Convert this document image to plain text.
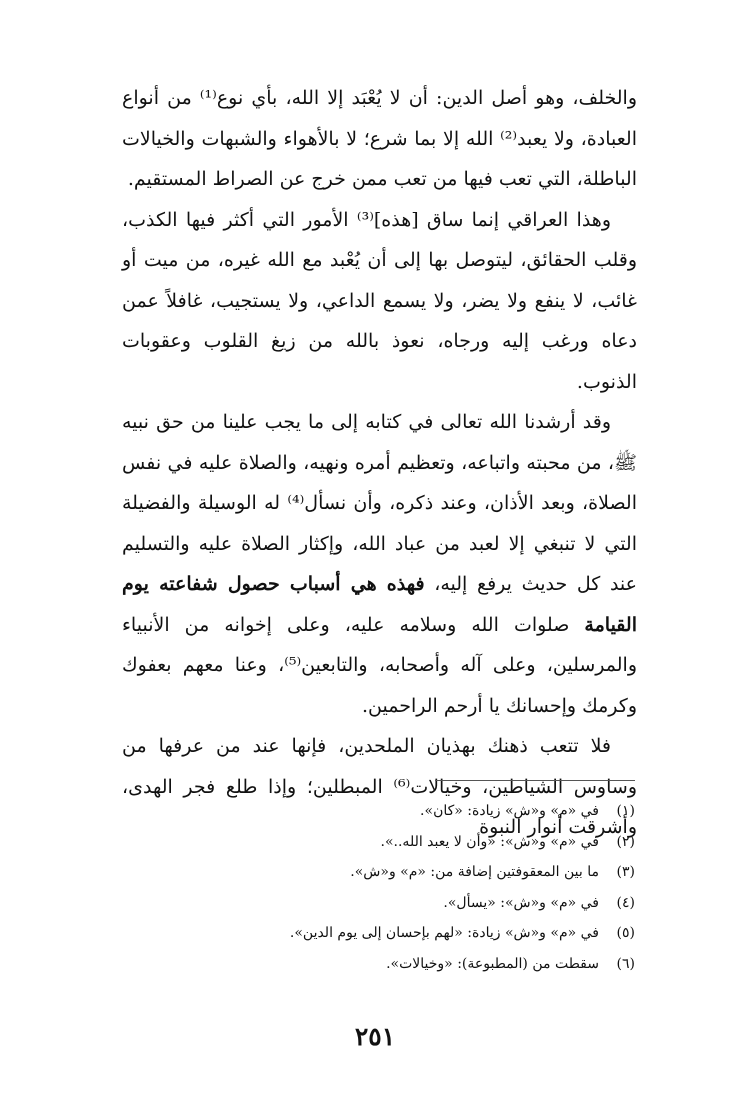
والخلف، وهو أصل الدين: أن لا يُعْبَد إلا الله، بأي نوع⁽¹⁾ من أنواع العبادة، ولا يعبد⁽²⁾ الله إلا بما شرع؛ لا بالأهواء والشبهات والخيالات الباطلة، التي تعب فيها من تعب ممن خرج عن الصراط المستقيم.

وهذا العراقي إنما ساق [هذه]⁽³⁾ الأمور التي أكثر فيها الكذب، وقلب الحقائق، ليتوصل بها إلى أن يُعْبد مع الله غيره، من ميت أو غائب، لا ينفع ولا يضر، ولا يسمع الداعي، ولا يستجيب، غافلاً عمن دعاه ورغب إليه ورجاه، نعوذ بالله من زيغ القلوب وعقوبات الذنوب.

وقد أرشدنا الله تعالى في كتابه إلى ما يجب علينا من حق نبيه ﷺ، من محبته واتباعه، وتعظيم أمره ونهيه، والصلاة عليه في نفس الصلاة، وبعد الأذان، وعند ذكره، وأن نسأل⁽⁴⁾ له الوسيلة والفضيلة التي لا تنبغي إلا لعبد من عباد الله، وإكثار الصلاة عليه والتسليم عند كل حديث يرفع إليه، فهذه هي أسباب حصول شفاعته يوم القيامة صلوات الله وسلامه عليه، وعلى إخوانه من الأنبياء والمرسلين، وعلى آله وأصحابه، والتابعين⁽⁵⁾، وعنا معهم بعفوك وكرمك وإحسانك يا أرحم الراحمين.

فلا تتعب ذهنك بهذيان الملحدين، فإنها عند من عرفها من وساوس الشياطين، وخيالات⁽⁶⁾ المبطلين؛ وإذا طلع فجر الهدى، وأشرقت أنوار النبوة

(١)
في «م» و«ش» زيادة: «كان».
(٢)
في «م» و«ش»: «وأن لا يعبد الله..».
(٣)
ما بين المعقوفتين إضافة من: «م» و«ش».
(٤)
في «م» و«ش»: «يسأل».
(٥)
في «م» و«ش» زيادة: «لهم بإحسان إلى يوم الدين».
(٦)
سقطت من (المطبوعة): «وخيالات».
٢٥١
